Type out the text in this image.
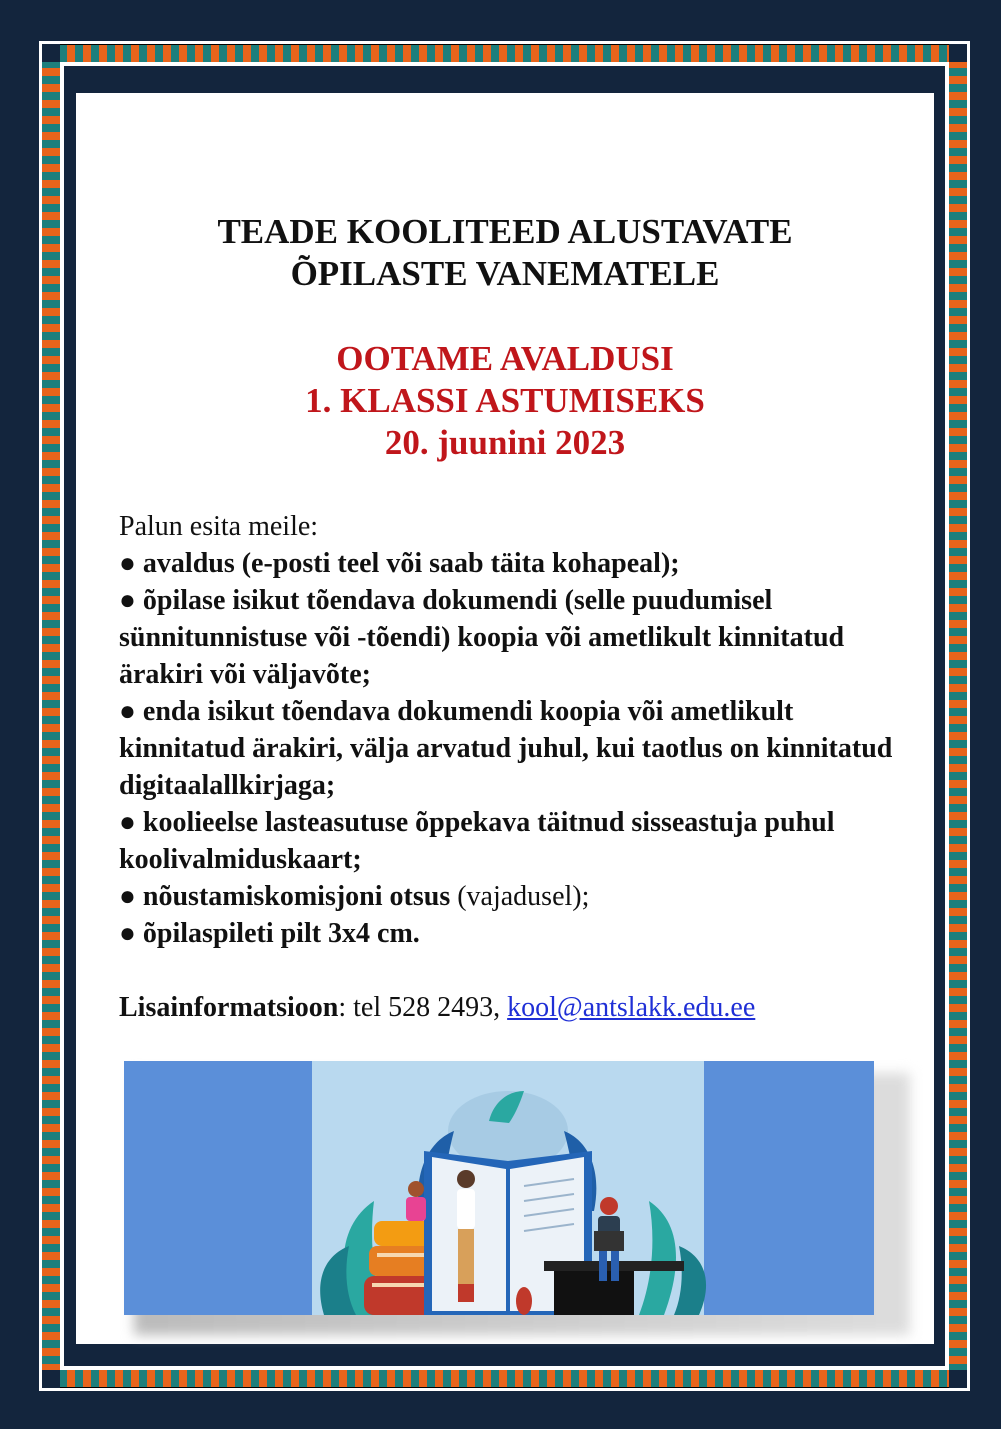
TEADE KOOLITEED ALUSTAVATE
ÕPILASTE VANEMATELE
OOTAME AVALDUSI
1. KLASSI ASTUMISEKS
20. juunini 2023

Palun esita meile:

● avaldus (e-posti teel või saab täita kohapeal);

● õpilase isikut tõendava dokumendi (selle puudumisel sünnitunnistuse või -tõendi) koopia või ametlikult kinnitatud ärakiri või väljavõte;

● enda isikut tõendava dokumendi koopia või ametlikult kinnitatud ärakiri, välja arvatud juhul, kui taotlus on kinnitatud digitaalallkirjaga;

● koolieelse lasteasutuse õppekava täitnud sisseastuja puhul koolivalmiduskaart;

● nõustamiskomisjoni otsus (vajadusel);

● õpilaspileti pilt 3x4 cm.

Lisainformatsioon: tel 528 2493, kool@antslakk.edu.ee
